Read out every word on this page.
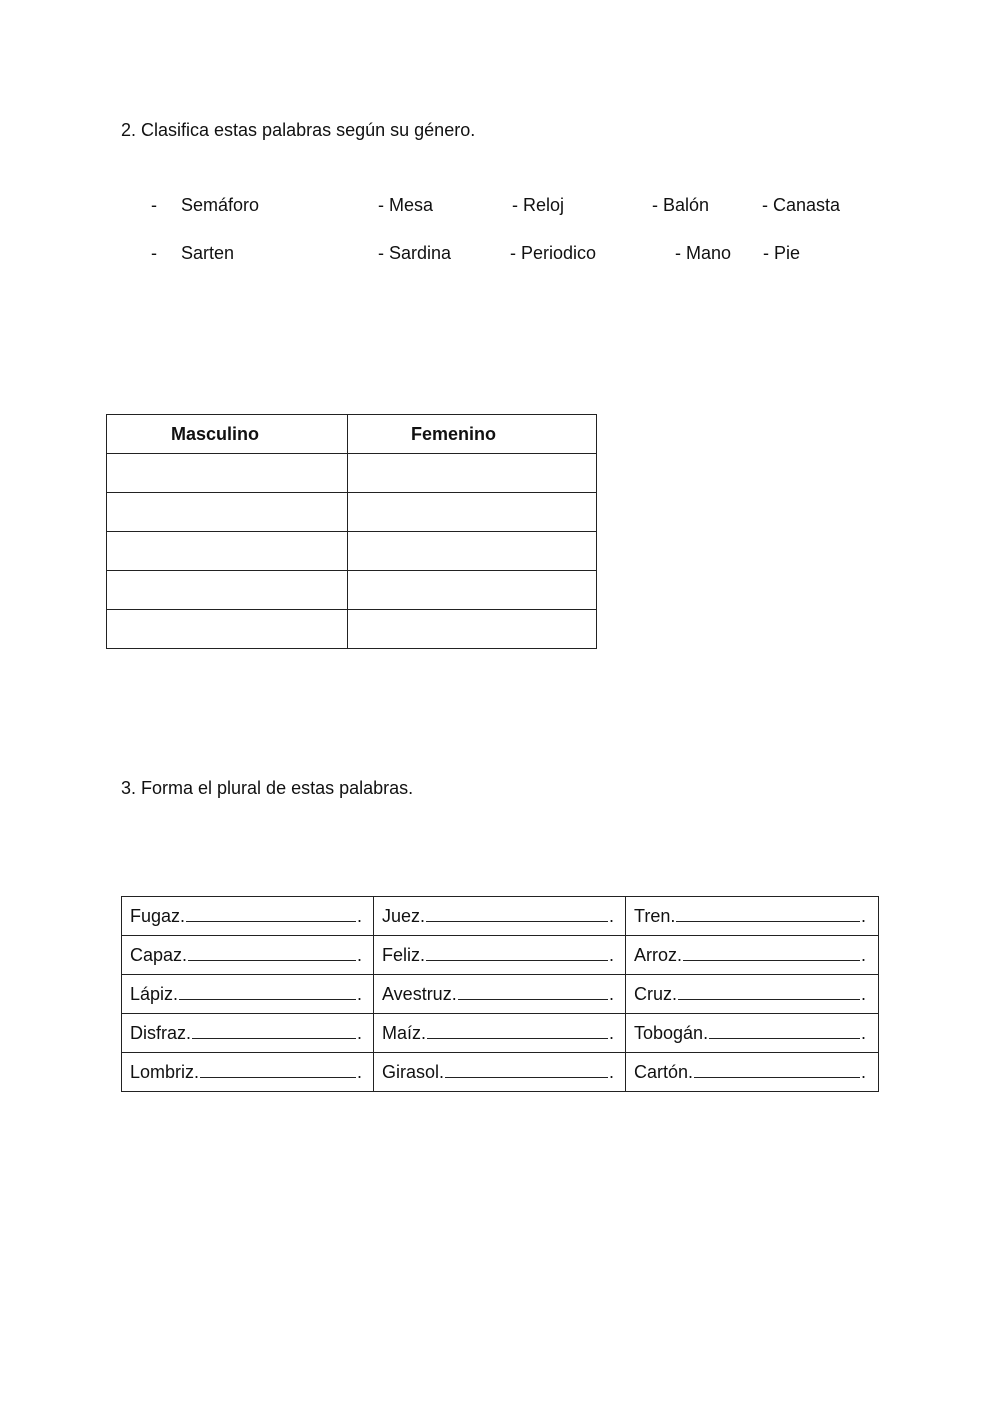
2. Clasifica estas palabras según su género.
- Semáforo	- Mesa	- Reloj	- Balón	- Canasta
- Sarten	- Sardina	- Periodico	- Mano - Pie
Masculino	Femenino

3. Forma el plural de estas palabras.
Fugaz. .	Juez. .	Tren. .

Capaz. .	Feliz. .	Arroz. .

Lápiz. .	Avestruz. .	Cruz. .

Disfraz. .	Maíz. .	Tobogán. .

Lombriz. .	Girasol. .	Cartón. .
